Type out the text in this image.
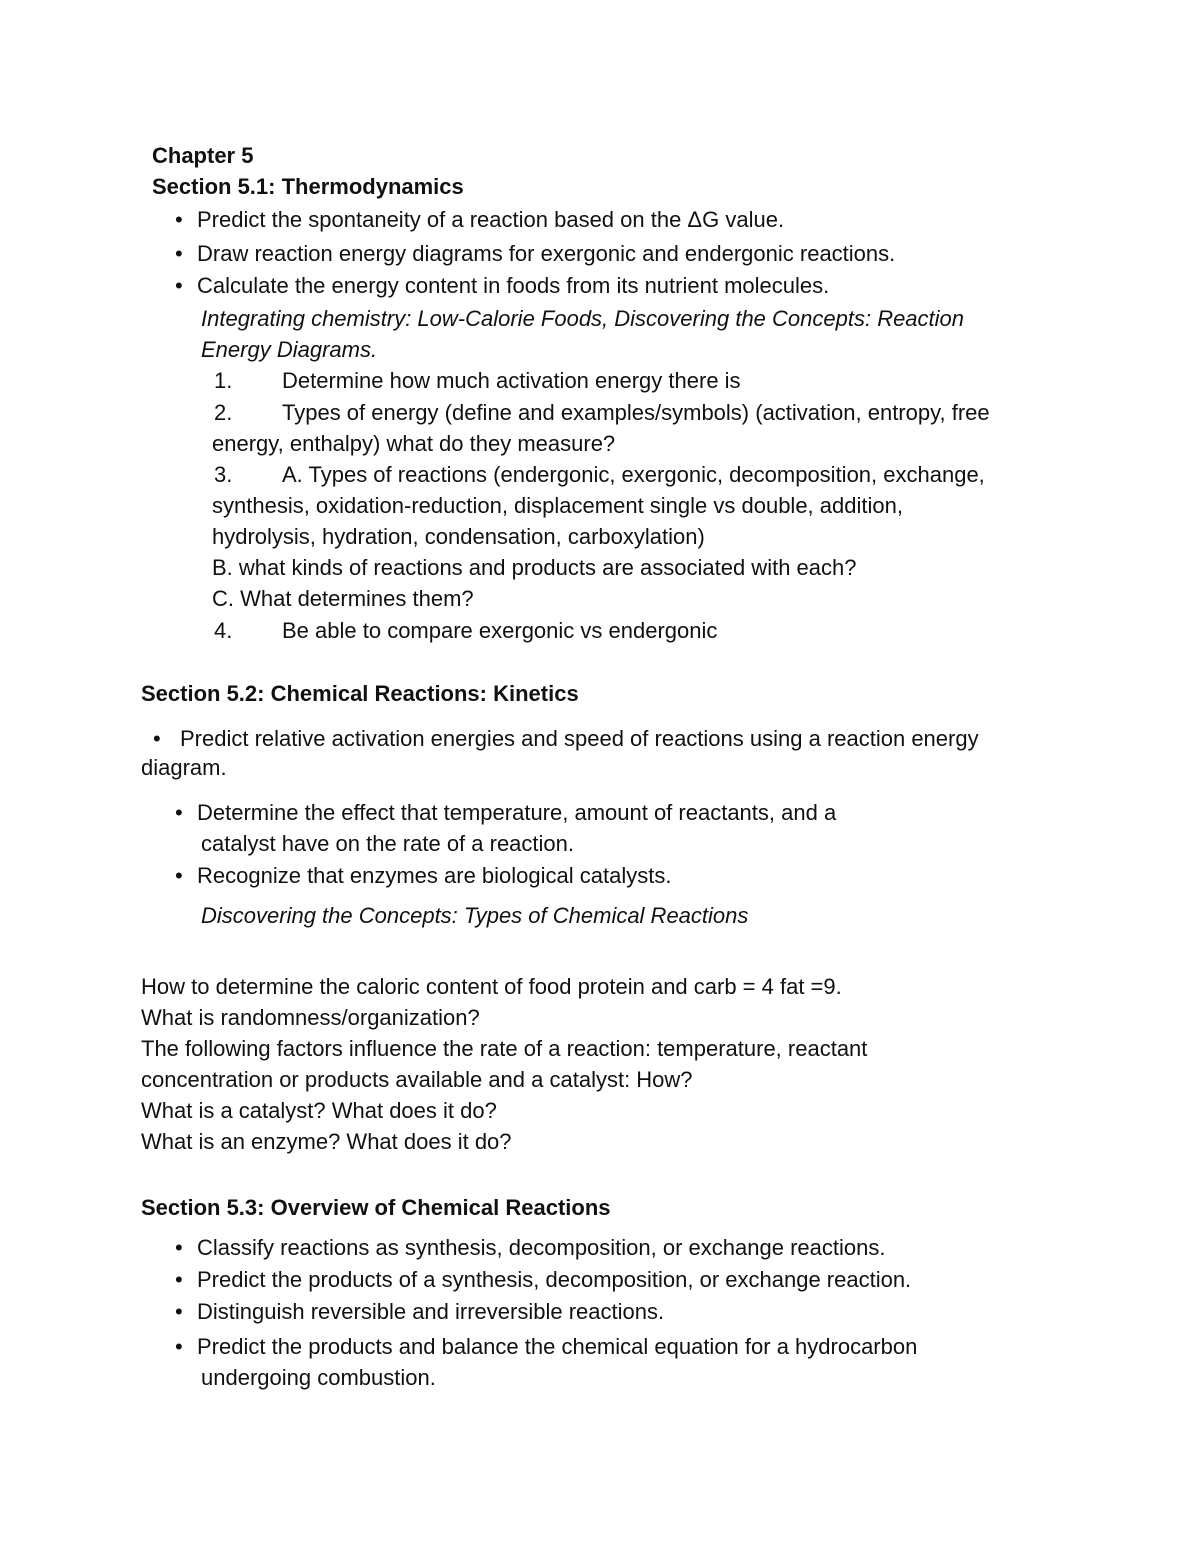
Chapter 5
Section 5.1: Thermodynamics
• Predict the spontaneity of a reaction based on the ΔG value.
• Draw reaction energy diagrams for exergonic and endergonic reactions.
• Calculate the energy content in foods from its nutrient molecules.
Integrating chemistry: Low-Calorie Foods, Discovering the Concepts: Reaction
Energy Diagrams.
1. Determine how much activation energy there is
2. Types of energy (define and examples/symbols) (activation, entropy, free
energy, enthalpy) what do they measure?
3. A. Types of reactions (endergonic, exergonic, decomposition, exchange,
synthesis, oxidation-reduction, displacement single vs double, addition,
hydrolysis, hydration, condensation, carboxylation)
B. what kinds of reactions and products are associated with each?
C. What determines them?
4. Be able to compare exergonic vs endergonic
Section 5.2: Chemical Reactions: Kinetics
• Predict relative activation energies and speed of reactions using a reaction energy
diagram.
• Determine the effect that temperature, amount of reactants, and a
catalyst have on the rate of a reaction.
• Recognize that enzymes are biological catalysts.
Discovering the Concepts: Types of Chemical Reactions
How to determine the caloric content of food protein and carb = 4 fat =9.
What is randomness/organization?
The following factors influence the rate of a reaction: temperature, reactant
concentration or products available and a catalyst: How?
What is a catalyst? What does it do?
What is an enzyme? What does it do?
Section 5.3: Overview of Chemical Reactions
• Classify reactions as synthesis, decomposition, or exchange reactions.
• Predict the products of a synthesis, decomposition, or exchange reaction.
• Distinguish reversible and irreversible reactions.
• Predict the products and balance the chemical equation for a hydrocarbon
undergoing combustion.
